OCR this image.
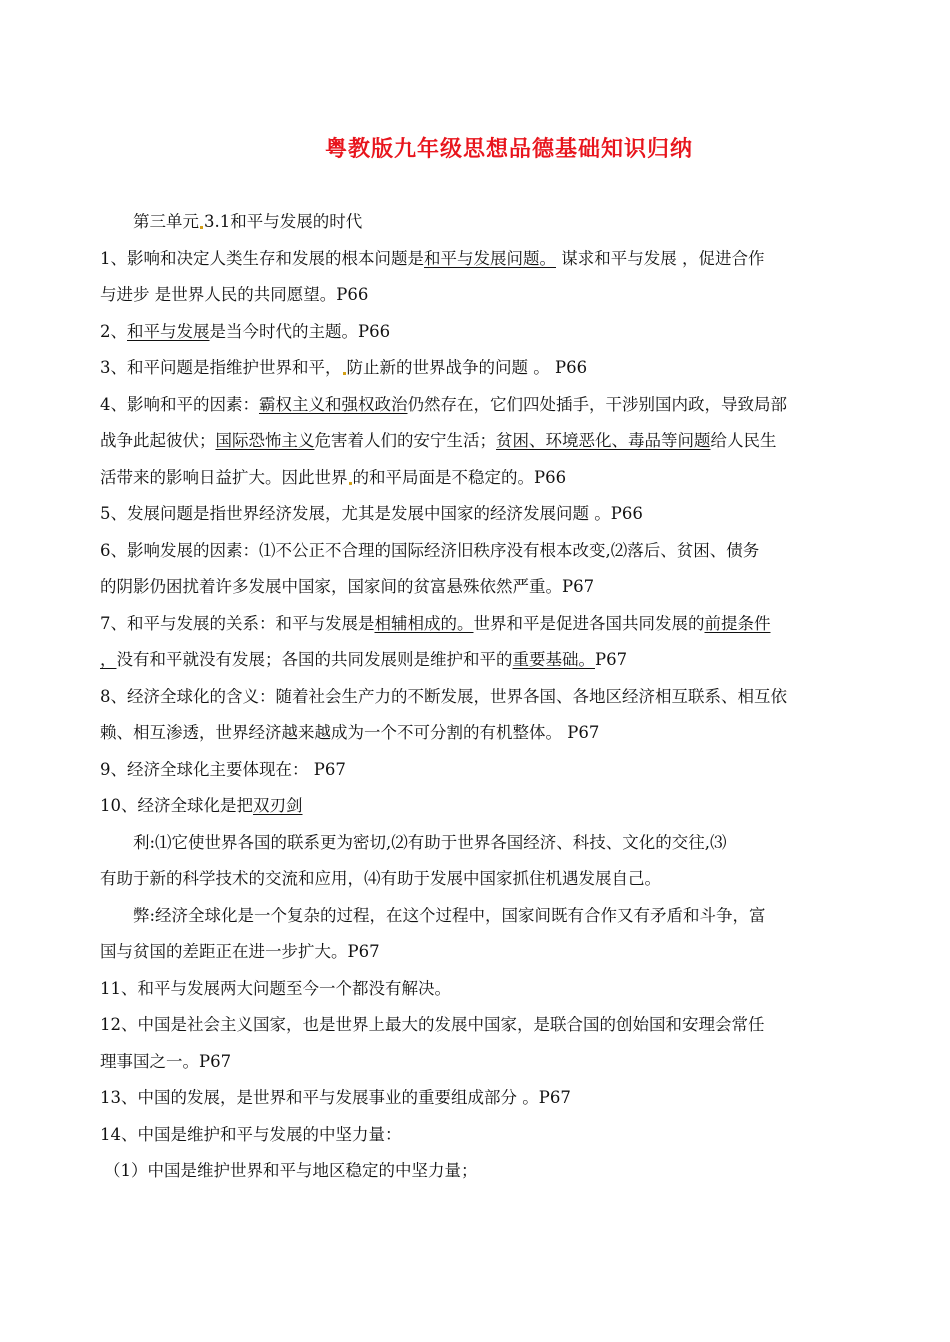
粤教版九年级思想品德基础知识归纳
第三单元 3.1和平与发展的时代
1、影响和决定人类生存和发展的根本问题是和平与发展问题。 谋求和平与发展 ，促进合作
与进步 是世界人民的共同愿望。P66
2、和平与发展是当今时代的主题。P66
3、和平问题是指维护世界和平， 防止新的世界战争的问题 。 P66
4、影响和平的因素：霸权主义和强权政治仍然存在，它们四处插手，干涉别国内政，导致局部
战争此起彼伏；国际恐怖主义危害着人们的安宁生活；贫困、环境恶化、毒品等问题给人民生
活带来的影响日益扩大。因此世界 的和平局面是不稳定的。P66
5、发展问题是指世界经济发展，尤其是发展中国家的经济发展问题 。P66
6、影响发展的因素：⑴不公正不合理的国际经济旧秩序没有根本改变,⑵落后、贫困、债务
的阴影仍困扰着许多发展中国家，国家间的贫富悬殊依然严重。P67
7、和平与发展的关系：和平与发展是相辅相成的。世界和平是促进各国共同发展的前提条件
，没有和平就没有发展；各国的共同发展则是维护和平的重要基础。P67
8、经济全球化的含义：随着社会生产力的不断发展，世界各国、各地区经济相互联系、相互依
赖、相互渗透，世界经济越来越成为一个不可分割的有机整体。 P67
9、经济全球化主要体现在： P67
10、经济全球化是把双刃剑
利:⑴它使世界各国的联系更为密切,⑵有助于世界各国经济、科技、文化的交往,⑶
有助于新的科学技术的交流和应用，⑷有助于发展中国家抓住机遇发展自己。
弊:经济全球化是一个复杂的过程，在这个过程中，国家间既有合作又有矛盾和斗争，富
国与贫国的差距正在进一步扩大。P67
11、和平与发展两大问题至今一个都没有解决。
12、中国是社会主义国家，也是世界上最大的发展中国家，是联合国的创始国和安理会常任
理事国之一。P67
13、中国的发展，是世界和平与发展事业的重要组成部分 。P67
14、中国是维护和平与发展的中坚力量：
（1）中国是维护世界和平与地区稳定的中坚力量；
